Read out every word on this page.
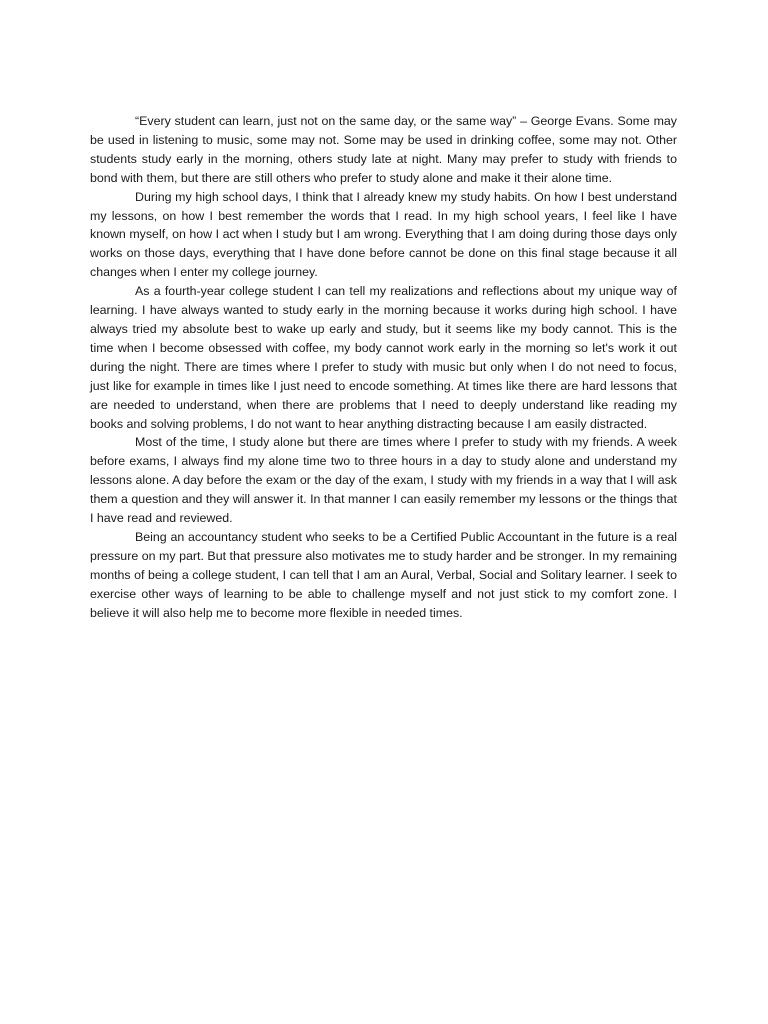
“Every student can learn, just not on the same day, or the same way” – George Evans. Some may be used in listening to music, some may not. Some may be used in drinking coffee, some may not. Other students study early in the morning, others study late at night. Many may prefer to study with friends to bond with them, but there are still others who prefer to study alone and make it their alone time.

During my high school days, I think that I already knew my study habits. On how I best understand my lessons, on how I best remember the words that I read. In my high school years, I feel like I have known myself, on how I act when I study but I am wrong. Everything that I am doing during those days only works on those days, everything that I have done before cannot be done on this final stage because it all changes when I enter my college journey.

As a fourth-year college student I can tell my realizations and reflections about my unique way of learning. I have always wanted to study early in the morning because it works during high school. I have always tried my absolute best to wake up early and study, but it seems like my body cannot. This is the time when I become obsessed with coffee, my body cannot work early in the morning so let's work it out during the night. There are times where I prefer to study with music but only when I do not need to focus, just like for example in times like I just need to encode something. At times like there are hard lessons that are needed to understand, when there are problems that I need to deeply understand like reading my books and solving problems, I do not want to hear anything distracting because I am easily distracted.

Most of the time, I study alone but there are times where I prefer to study with my friends. A week before exams, I always find my alone time two to three hours in a day to study alone and understand my lessons alone. A day before the exam or the day of the exam, I study with my friends in a way that I will ask them a question and they will answer it. In that manner I can easily remember my lessons or the things that I have read and reviewed.

Being an accountancy student who seeks to be a Certified Public Accountant in the future is a real pressure on my part. But that pressure also motivates me to study harder and be stronger. In my remaining months of being a college student, I can tell that I am an Aural, Verbal, Social and Solitary learner. I seek to exercise other ways of learning to be able to challenge myself and not just stick to my comfort zone. I believe it will also help me to become more flexible in needed times.
